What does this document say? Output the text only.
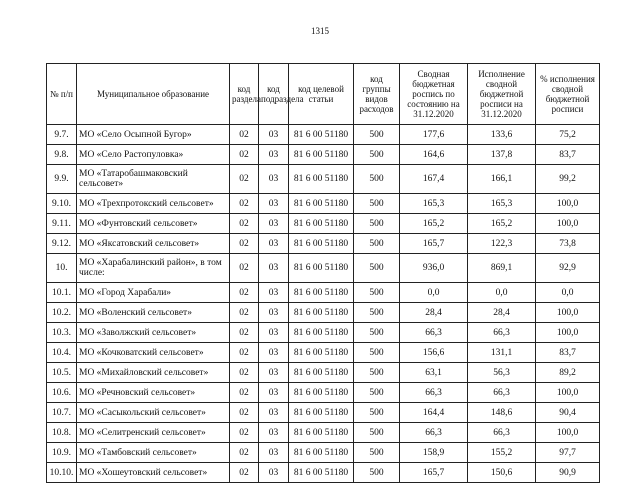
1315
№ п/п	Муниципальное образование	код раздела	код подраздела	код целевой статьи	код группы видов расходов	Сводная бюджетная роспись по состоянию на 31.12.2020	Исполнение сводной бюджетной росписи на 31.12.2020	% исполнения сводной бюджетной росписи
9.7.	МО «Село Осыпной Бугор»	02	03	81 6 00 51180	500	177,6	133,6	75,2
9.8.	МО «Село Растопуловка»	02	03	81 6 00 51180	500	164,6	137,8	83,7
9.9.	МО «Татаробашмаковский сельсовет»	02	03	81 6 00 51180	500	167,4	166,1	99,2
9.10.	МО «Трехпротокский сельсовет»	02	03	81 6 00 51180	500	165,3	165,3	100,0
9.11.	МО «Фунтовский сельсовет»	02	03	81 6 00 51180	500	165,2	165,2	100,0
9.12.	МО «Яксатовский сельсовет»	02	03	81 6 00 51180	500	165,7	122,3	73,8
10.	МО «Харабалинский район», в том числе:	02	03	81 6 00 51180	500	936,0	869,1	92,9
10.1.	МО «Город Харабали»	02	03	81 6 00 51180	500	0,0	0,0	0,0
10.2.	МО «Воленский сельсовет»	02	03	81 6 00 51180	500	28,4	28,4	100,0
10.3.	МО «Заволжский сельсовет»	02	03	81 6 00 51180	500	66,3	66,3	100,0
10.4.	МО «Кочковатский сельсовет»	02	03	81 6 00 51180	500	156,6	131,1	83,7
10.5.	МО «Михайловский сельсовет»	02	03	81 6 00 51180	500	63,1	56,3	89,2
10.6.	МО «Речновский сельсовет»	02	03	81 6 00 51180	500	66,3	66,3	100,0
10.7.	МО «Сасыкольский сельсовет»	02	03	81 6 00 51180	500	164,4	148,6	90,4
10.8.	МО «Селитренский сельсовет»	02	03	81 6 00 51180	500	66,3	66,3	100,0
10.9.	МО «Тамбовский сельсовет»	02	03	81 6 00 51180	500	158,9	155,2	97,7
10.10.	МО «Хошеутовский сельсовет»	02	03	81 6 00 51180	500	165,7	150,6	90,9
